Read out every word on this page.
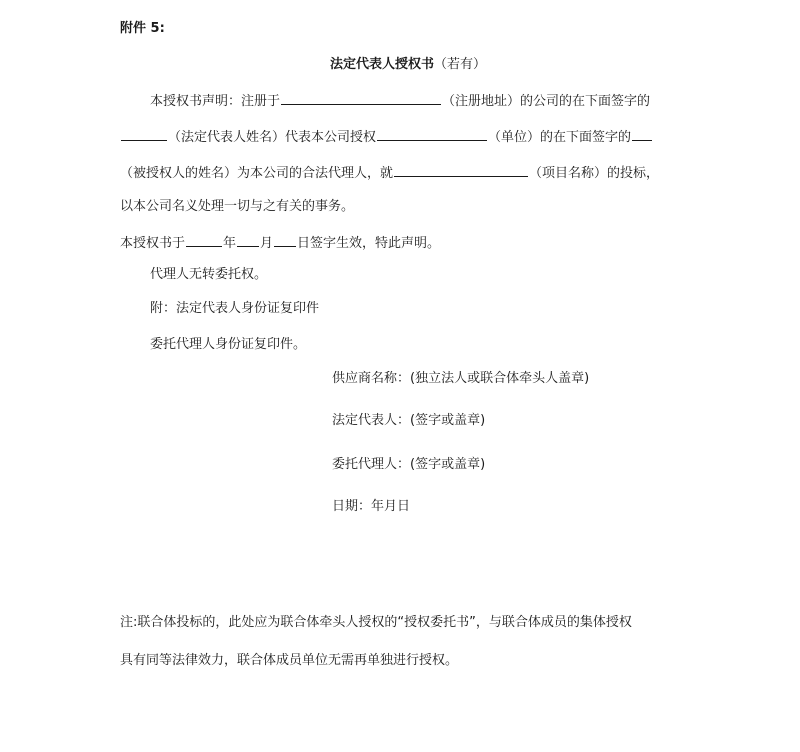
附件 5:
法定代表人授权书（若有）
本授权书声明：注册于	（注册地址）的公司的在下面签字的
（法定代表人姓名）代表本公司授权	（单位）的在下面签字的
（被授权人的姓名）为本公司的合法代理人，就	（项目名称）的投标，
以本公司名义处理一切与之有关的事务。
本授权书于	年 月 日签字生效，特此声明。
代理人无转委托权。
附：法定代表人身份证复印件
委托代理人身份证复印件。
供应商名称：(独立法人或联合体牵头人盖章)
法定代表人：(签字或盖章)
委托代理人：(签字或盖章)
日期：年月日
注:联合体投标的，此处应为联合体牵头人授权的“授权委托书”，与联合体成员的集体授权
具有同等法律效力，联合体成员单位无需再单独进行授权。
